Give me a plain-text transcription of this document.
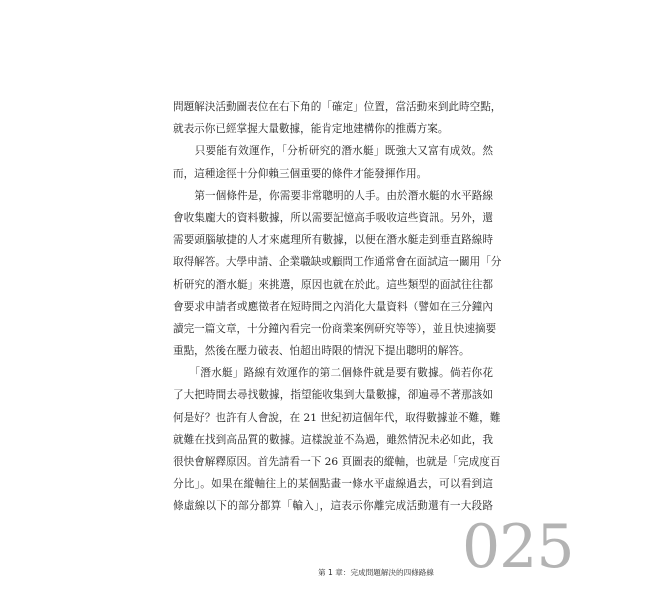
問題解決活動圖表位在右下角的「確定」位置，當活動來到此時空點，
就表示你已經掌握大量數據，能肯定地建構你的推薦方案。
　　只要能有效運作，「分析研究的潛水艇」既強大又富有成效。然
而，這種途徑十分仰賴三個重要的條件才能發揮作用。
　　第一個條件是，你需要非常聰明的人手。由於潛水艇的水平路線
會收集龐大的資料數據，所以需要記憶高手吸收這些資訊。另外，還
需要頭腦敏捷的人才來處理所有數據，以便在潛水艇走到垂直路線時
取得解答。大學申請、企業職缺或顧問工作通常會在面試這一關用「分
析研究的潛水艇」來挑選，原因也就在於此。這些類型的面試往往都
會要求申請者或應徵者在短時間之內消化大量資料（譬如在三分鐘內
讀完一篇文章，十分鐘內看完一份商業案例研究等等），並且快速摘要
重點，然後在壓力破表、怕超出時限的情況下提出聰明的解答。
　　「潛水艇」路線有效運作的第二個條件就是要有數據。倘若你花
了大把時間去尋找數據，指望能收集到大量數據，卻遍尋不著那該如
何是好？也許有人會說，在 21 世紀初這個年代，取得數據並不難，難
就難在找到高品質的數據。這樣說並不為過，雖然情況未必如此，我
很快會解釋原因。首先請看一下 26 頁圖表的縱軸，也就是「完成度百
分比」。如果在縱軸往上的某個點畫一條水平虛線過去，可以看到這
條虛線以下的部分都算「輸入」，這表示你離完成活動還有一大段路
025
第 1 章：完成問題解決的四條路線
